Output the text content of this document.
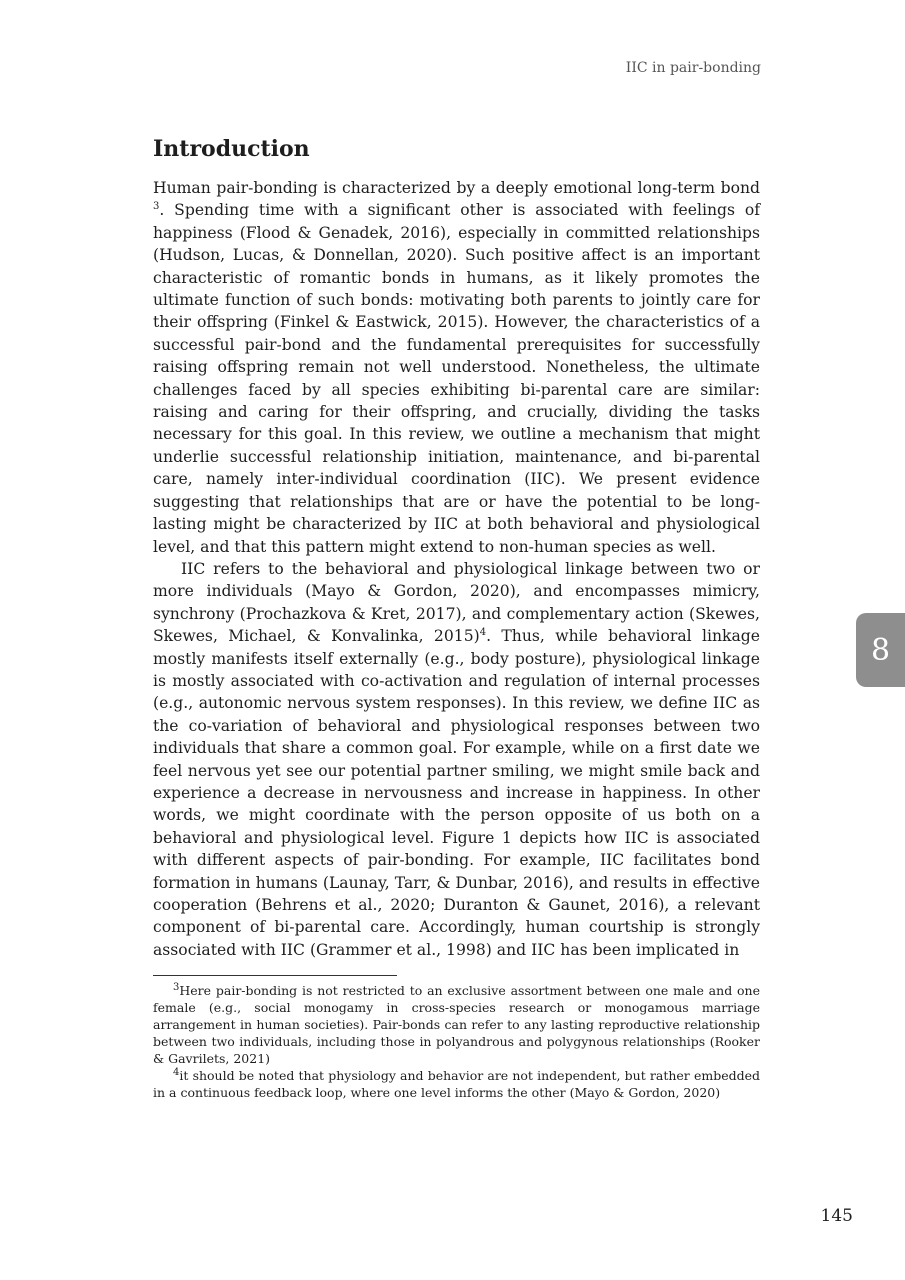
IIC in pair-bonding
Introduction

Human pair-bonding is characterized by a deeply emotional long-term bond $^3$. Spending time with a significant other is associated with feelings of happiness (Flood & Genadek, 2016), especially in committed relationships (Hudson, Lucas, & Donnellan, 2020). Such positive affect is an important characteristic of romantic bonds in humans, as it likely promotes the ultimate function of such bonds: motivating both parents to jointly care for their offspring (Finkel & Eastwick, 2015). However, the characteristics of a successful pair-bond and the fundamental prerequisites for successfully raising offspring remain not well understood. Nonetheless, the ultimate challenges faced by all species exhibiting bi-parental care are similar: raising and caring for their offspring, and crucially, dividing the tasks necessary for this goal. In this review, we outline a mechanism that might underlie successful relationship initiation, maintenance, and bi-parental care, namely inter-individual coordination (IIC). We present evidence suggesting that relationships that are or have the potential to be long-lasting might be characterized by IIC at both behavioral and physiological level, and that this pattern might extend to non-human species as well.

IIC refers to the behavioral and physiological linkage between two or more individuals (Mayo & Gordon, 2020), and encompasses mimicry, synchrony (Prochazkova & Kret, 2017), and complementary action (Skewes, Skewes, Michael, & Konvalinka, 2015)$^4$. Thus, while behavioral linkage mostly manifests itself externally (e.g., body posture), physiological linkage is mostly associated with co-activation and regulation of internal processes (e.g., autonomic nervous system responses). In this review, we define IIC as the co-variation of behavioral and physiological responses between two individuals that share a common goal. For example, while on a first date we feel nervous yet see our potential partner smiling, we might smile back and experience a decrease in nervousness and increase in happiness. In other words, we might coordinate with the person opposite of us both on a behavioral and physiological level. Figure 1 depicts how IIC is associated with different aspects of pair-bonding. For example, IIC facilitates bond formation in humans (Launay, Tarr, & Dunbar, 2016), and results in effective cooperation (Behrens et al., 2020; Duranton & Gaunet, 2016), a relevant component of bi-parental care. Accordingly, human courtship is strongly associated with IIC (Grammer et al., 1998) and IIC has been implicated in

$^3$Here pair-bonding is not restricted to an exclusive assortment between one male and one female (e.g., social monogamy in cross-species research or monogamous marriage arrangement in human societies). Pair-bonds can refer to any lasting reproductive relationship between two individuals, including those in polyandrous and polygynous relationships (Rooker & Gavrilets, 2021)

$^4$it should be noted that physiology and behavior are not independent, but rather embedded in a continuous feedback loop, where one level informs the other (Mayo & Gordon, 2020)

8
145
